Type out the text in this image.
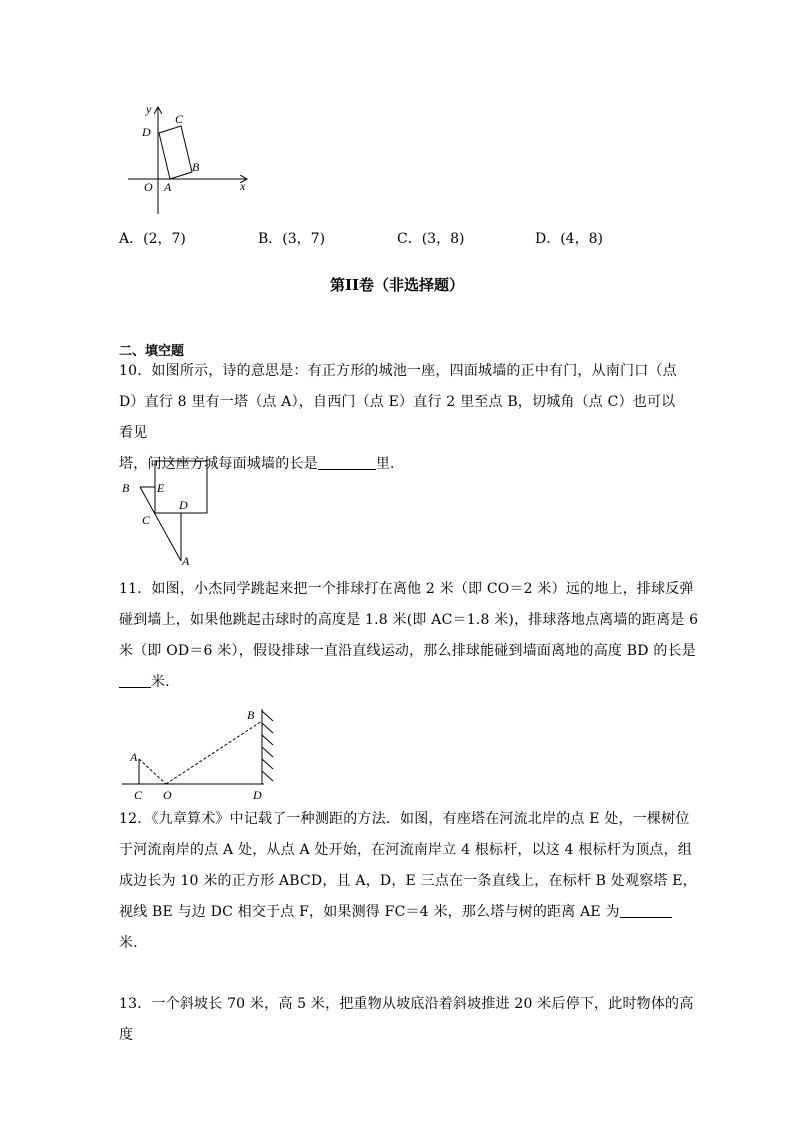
y
x
D
C
B
O A
A．(2，7)	B．(3，7)	C．(3，8)	D．(4，8)
第II卷（非选择题）
二、填空题
10．如图所示，诗的意思是：有正方形的城池一座，四面城墙的正中有门，从南门口（点
D）直行 8 里有一塔（点 A），自西门（点 E）直行 2 里至点 B，切城角（点 C）也可以看见
塔，问这座方城每面城墙的长是	里．
B E
C
D
A
11．如图，小杰同学跳起来把一个排球打在离他 2 米（即 CO＝2 米）远的地上，排球反弹
碰到墙上，如果他跳起击球时的高度是 1.8 米(即 AC＝1.8 米)，排球落地点离墙的距离是 6
米（即 OD＝6 米），假设排球一直沿直线运动，那么排球能碰到墙面离地的高度 BD 的长是
米．
B
A
C O	D
12．《九章算术》中记载了一种测距的方法．如图，有座塔在河流北岸的点 E 处，一棵树位
于河流南岸的点 A 处，从点 A 处开始，在河流南岸立 4 根标杆，以这 4 根标杆为顶点，组
成边长为 10 米的正方形 ABCD，且 A，D，E 三点在一条直线上，在标杆 B 处观察塔 E，
视线 BE 与边 DC 相交于点 F，如果测得 FC＝4 米，那么塔与树的距离 AE 为
米．
13．一个斜坡长 70 米，高 5 米，把重物从坡底沿着斜坡推进 20 米后停下，此时物体的高度
